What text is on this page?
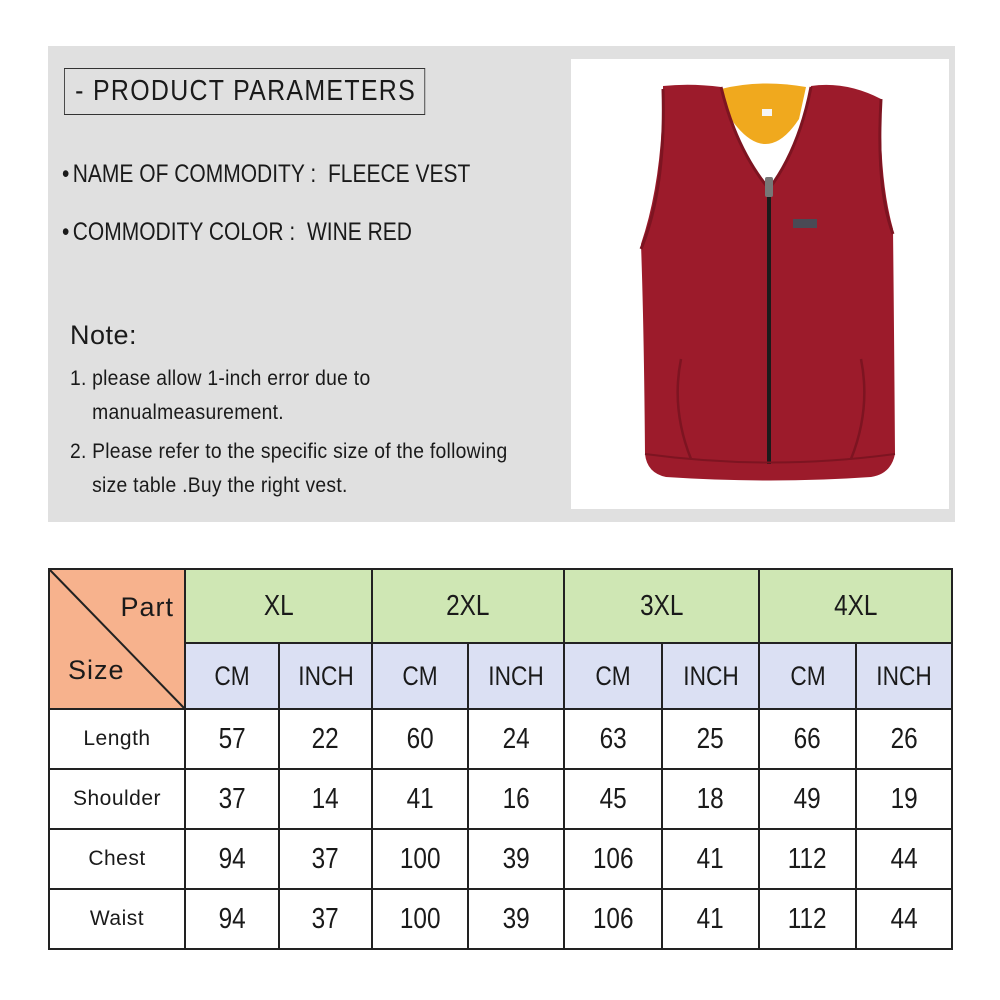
- PRODUCT PARAMETERS
• NAME OF COMMODITY : FLEECE VEST
• COMMODITY COLOR : WINE RED
Note:
1. please allow 1-inch error due to
manualmeasurement.
2. Please refer to the specific size of the following
size table .Buy the right vest.
Part
Size	XL		2XL		3XL		4XL	
	CM	INCH	CM	INCH	CM	INCH	CM	INCH
Length	57	22	60	24	63	25	66	26
Shoulder	37	14	41	16	45	18	49	19
Chest	94	37	100	39	106	41	112	44
Waist	94	37	100	39	106	41	112	44
